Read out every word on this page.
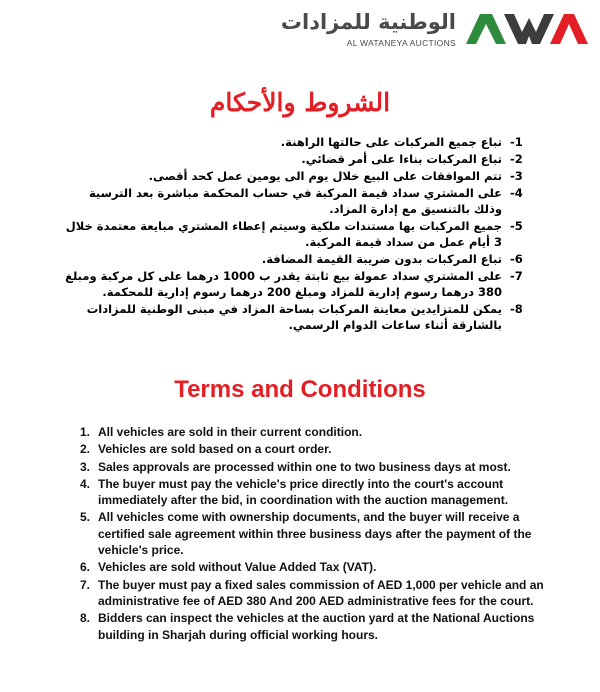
الوطنية للمزادات
AL WATANEYA AUCTIONS
الشروط والأحكام
-1
تباع جميع المركبات على حالتها الراهنة.
-2
تباع المركبات بناءا على أمر قضائي.
-3
تتم الموافقات على البيع خلال يوم الى يومين عمل كحد أقصى.
-4
على المشتري سداد قيمة المركبة في حساب المحكمة مباشرة بعد الترسية وذلك بالتنسيق مع إدارة المزاد.
-5
جميع المركبات بها مستندات ملكية وسيتم إعطاء المشتري مبايعة معتمدة خلال 3 أيام عمل من سداد قيمة المركبة.
-6
تباع المركبات بدون ضريبة القيمة المضافة.
-7
على المشتري سداد عمولة بيع ثابتة يقدر ب 1000 درهما على كل مركبة ومبلغ 380 درهما رسوم إدارية للمزاد ومبلغ 200 درهما رسوم إدارية للمحكمة.
-8
يمكن للمتزايدين معاينة المركبات بساحة المزاد في مبنى الوطنية للمزادات بالشارقة أثناء ساعات الدوام الرسمي.
Terms and Conditions
1. All vehicles are sold in their current condition.
2. Vehicles are sold based on a court order.
3. Sales approvals are processed within one to two business days at most.
4. The buyer must pay the vehicle's price directly into the court's account immediately after the bid, in coordination with the auction management.
5. All vehicles come with ownership documents, and the buyer will receive a certified sale agreement within three business days after the payment of the vehicle's price.
6. Vehicles are sold without Value Added Tax (VAT).
7. The buyer must pay a fixed sales commission of AED 1,000 per vehicle and an administrative fee of AED 380 And 200 AED administrative fees for the court.
8. Bidders can inspect the vehicles at the auction yard at the National Auctions building in Sharjah during official working hours.
